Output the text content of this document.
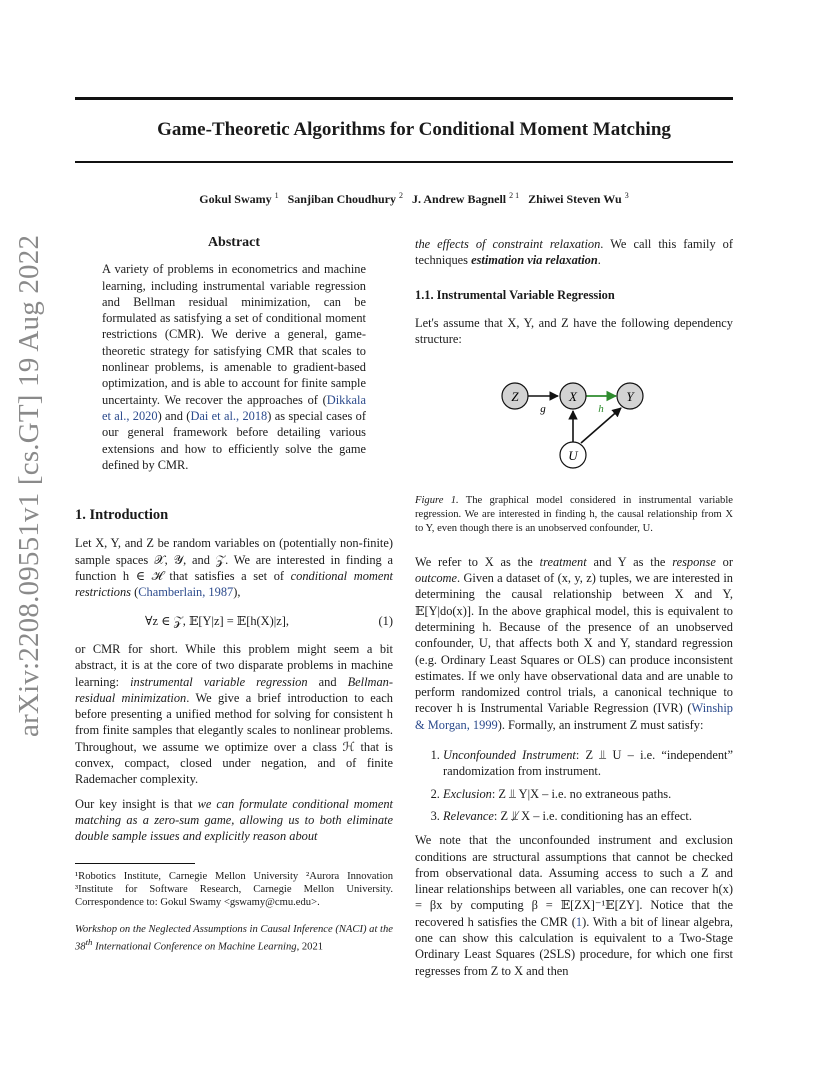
Game-Theoretic Algorithms for Conditional Moment Matching
Gokul Swamy $^1$ Sanjiban Choudhury $^2$ J. Andrew Bagnell $^{2 1}$ Zhiwei Steven Wu $^3$
arXiv:2208.09551v1 [cs.GT] 19 Aug 2022	Abstract
A variety of problems in econometrics and machine learning, including instrumental variable regression and Bellman residual minimization, can be formulated as satisfying a set of conditional moment restrictions (CMR). We derive a general, game-theoretic strategy for satisfying CMR that scales to nonlinear problems, is amenable to gradient-based optimization, and is able to account for finite sample uncertainty. We recover the approaches of (Dikkala et al., 2020) and (Dai et al., 2018) as special cases of our general framework before detailing various extensions and how to efficiently solve the game defined by CMR.
1. Introduction

Let X, Y, and Z be random variables on (potentially non-finite) sample spaces 𝒳, 𝒴, and 𝒵. We are interested in finding a function h ∈ ℋ that satisfies a set of conditional moment restrictions (Chamberlain, 1987),

∀z ∈ 𝒵, 𝔼[Y|z] = 𝔼[h(X)|z],	(1)

or CMR for short. While this problem might seem a bit abstract, it is at the core of two disparate problems in machine learning: instrumental variable regression and Bellman-residual minimization. We give a brief introduction to each before presenting a unified method for solving for consistent h from finite samples that elegantly scales to nonlinear problems. Throughout, we assume we optimize over a class ℋ that is convex, compact, closed under negation, and of finite Rademacher complexity.

Our key insight is that we can formulate conditional moment matching as a zero-sum game, allowing us to both eliminate double sample issues and explicitly reason about

¹Robotics Institute, Carnegie Mellon University ²Aurora Innovation ³Institute for Software Research, Carnegie Mellon University. Correspondence to: Gokul Swamy <gswamy@cmu.edu>.
Workshop on the Neglected Assumptions in Causal Inference (NACI) at the 38th International Conference on Machine Learning, 2021

the effects of constraint relaxation. We call this family of techniques estimation via relaxation.

1.1. Instrumental Variable Regression

Let's assume that X, Y, and Z have the following dependency structure:

Z	X	Y
U
g	h
Figure 1. The graphical model considered in instrumental variable regression. We are interested in finding h, the causal relationship from X to Y, even though there is an unobserved confounder, U.

We refer to X as the treatment and Y as the response or outcome. Given a dataset of (x, y, z) tuples, we are interested in determining the causal relationship between X and Y, 𝔼[Y|do(x)]. In the above graphical model, this is equivalent to determining h. Because of the presence of an unobserved confounder, U, that affects both X and Y, standard regression (e.g. Ordinary Least Squares or OLS) can produce inconsistent estimates. If we only have observational data and are unable to perform randomized control trials, a canonical technique to recover h is Instrumental Variable Regression (IVR) (Winship & Morgan, 1999). Formally, an instrument Z must satisfy:

1. Unconfounded Instrument: Z ⫫ U – i.e. “independent” randomization from instrument.
2. Exclusion: Z ⫫ Y|X – i.e. no extraneous paths.
3. Relevance: Z ⫫̸ X – i.e. conditioning has an effect.

We note that the unconfounded instrument and exclusion conditions are structural assumptions that cannot be checked from observational data. Assuming access to such a Z and linear relationships between all variables, one can recover h(x) = βx by computing β = 𝔼[ZX]⁻¹𝔼[ZY]. Notice that the recovered h satisfies the CMR (1). With a bit of linear algebra, one can show this calculation is equivalent to a Two-Stage Ordinary Least Squares (2SLS) procedure, for which one first regresses from Z to X and then
